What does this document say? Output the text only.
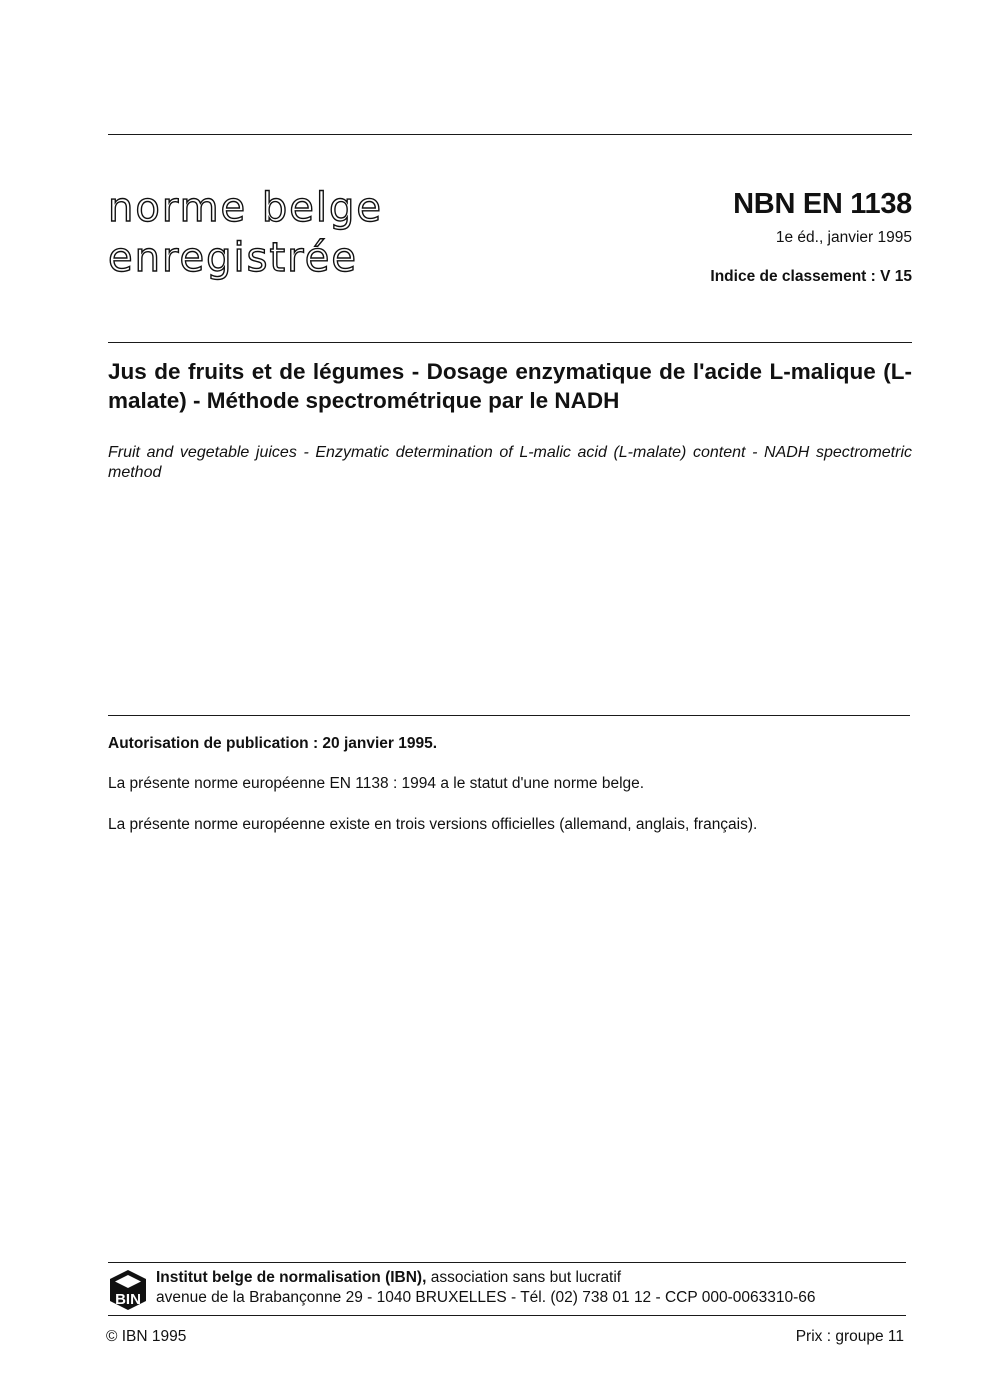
norme belge
enregistrée
NBN EN 1138
1e éd., janvier 1995
Indice de classement : V 15
Jus de fruits et de légumes - Dosage enzymatique de l'acide L-malique (L-malate) - Méthode spectrométrique par le NADH
Fruit and vegetable juices - Enzymatic determination of L-malic acid (L-malate) content - NADH spectrometric method
Autorisation de publication : 20 janvier 1995.
La présente norme européenne EN 1138 : 1994 a le statut d'une norme belge.
La présente norme européenne existe en trois versions officielles (allemand, anglais, français).
BIN
Institut belge de normalisation (IBN), association sans but lucratif
avenue de la Brabançonne 29 - 1040 BRUXELLES - Tél. (02) 738 01 12 - CCP 000-0063310-66
© IBN 1995	Prix : groupe 11
